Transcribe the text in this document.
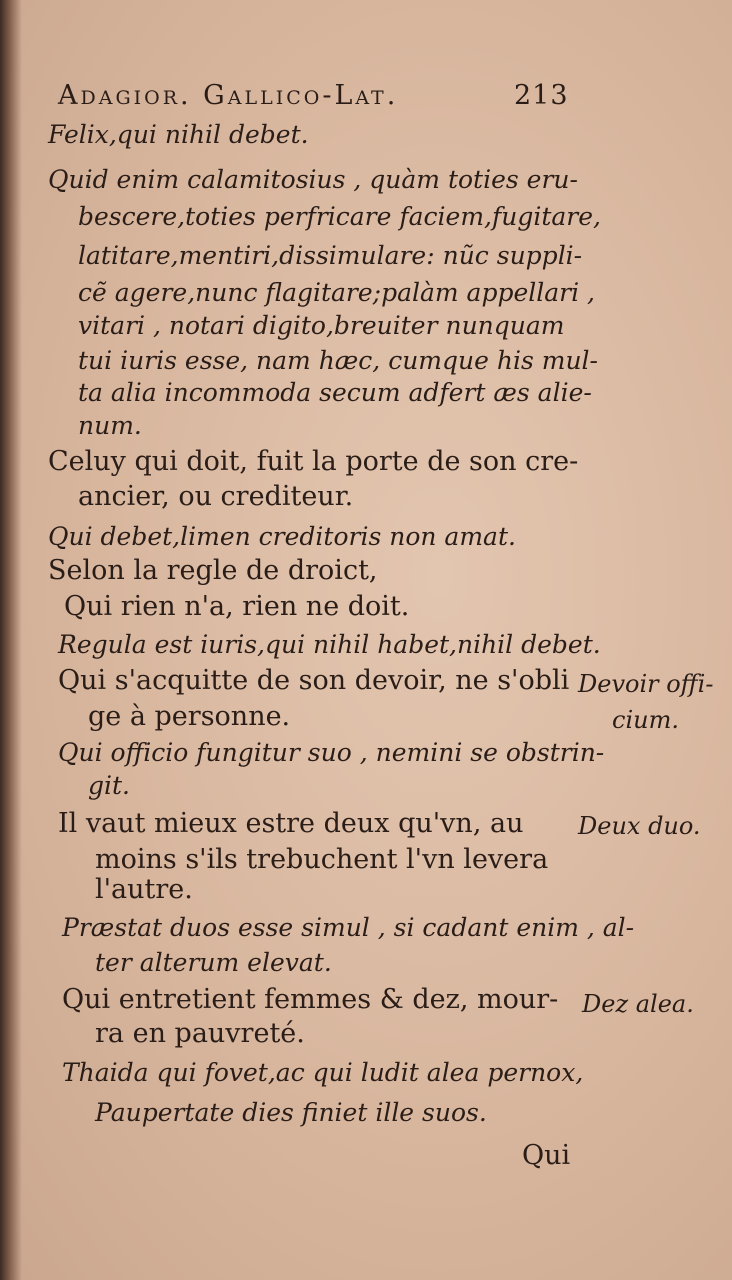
Adagior. Gallico-Lat.	213
Felix,qui nihil debet.
Quid enim calamitosius , quàm toties eru-
bescere,toties perfricare faciem,fugitare,
latitare,mentiri,dissimulare: nũc suppli-
cẽ agere,nunc flagitare;palàm appellari ,
vitari , notari digito,breuiter nunquam
tui iuris esse, nam hæc, cumque his mul-
ta alia incommoda secum adfert æs alie-
num.
Celuy qui doit, fuit la porte de son cre-
ancier, ou crediteur.
Qui debet,limen creditoris non amat.
Selon la regle de droict,
Qui rien n'a, rien ne doit.
Regula est iuris,qui nihil habet,nihil debet.
Qui s'acquitte de son devoir, ne s'obli
ge à personne.
Qui officio fungitur suo , nemini se obstrin-
git.
Il vaut mieux estre deux qu'vn, au
moins s'ils trebuchent l'vn levera
l'autre.
Præstat duos esse simul , si cadant enim , al-
ter alterum elevat.
Qui entretient femmes & dez, mour-
ra en pauvreté.
Thaida qui fovet,ac qui ludit alea pernox,
Paupertate dies finiet ille suos.
Devoir offi-
cium.
Deux duo.
Dez alea.
Qui
